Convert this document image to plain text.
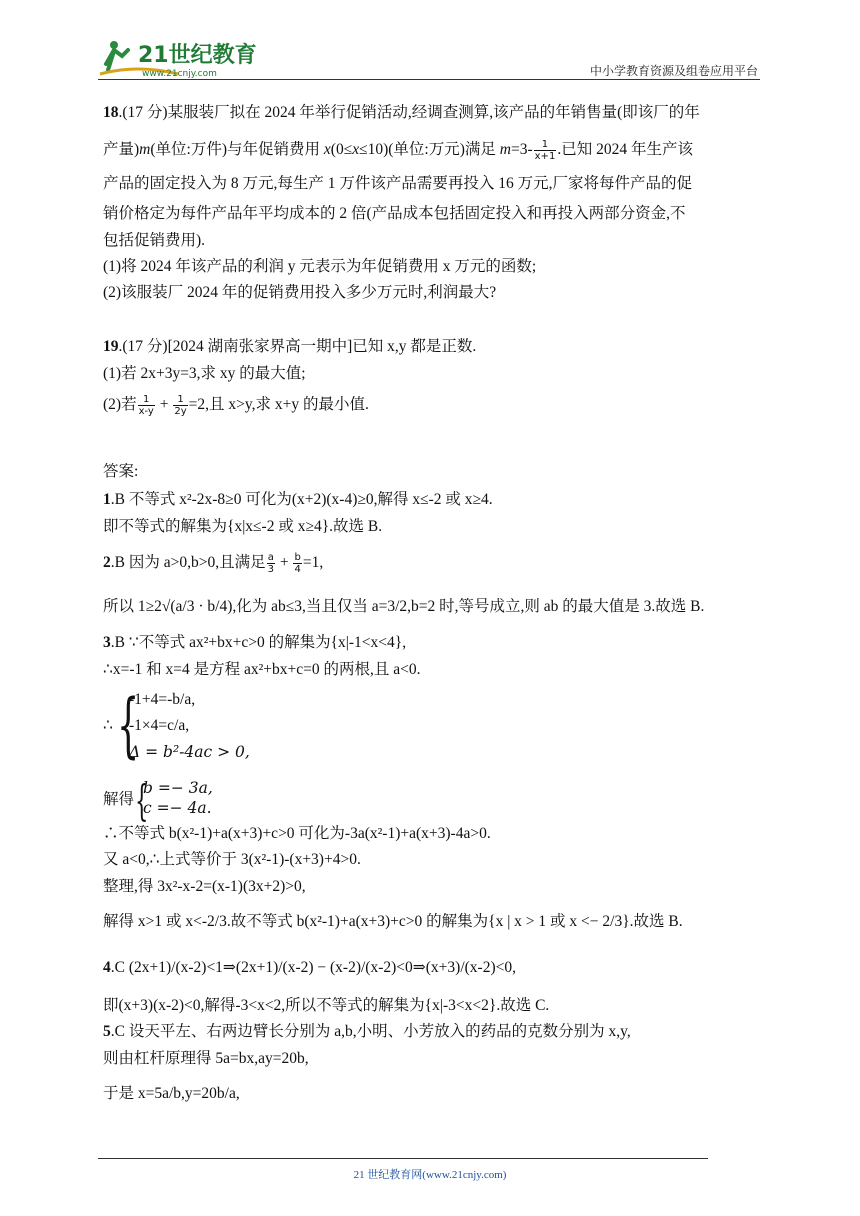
21世纪教育
www.21cnjy.com	中小学教育资源及组卷应用平台
18.(17 分)某服装厂拟在 2024 年举行促销活动,经调查测算,该产品的年销售量(即该厂的年
产量)m(单位:万件)与年促销费用 x(0≤x≤10)(单位:万元)满足 $m=3- \frac{1}{x+1}$ .已知 2024 年生产该
产品的固定投入为 8 万元,每生产 1 万件该产品需要再投入 16 万元,厂家将每件产品的促
销价格定为每件产品年平均成本的 2 倍(产品成本包括固定投入和再投入两部分资金,不
包括促销费用).
(1)将 2024 年该产品的利润 y 元表示为年促销费用 x 万元的函数;
(2)该服装厂 2024 年的促销费用投入多少万元时,利润最大?
19.(17 分)[2024 湖南张家界高一期中]已知 x,y 都是正数.
(1)若 2x+3y=3,求 xy 的最大值;
(2)若 $\frac{1}{x-y} + \frac{1}{2y} =2$,且 x>y,求 x+y 的最小值.
答案:
1.B 不等式 x²-2x-8≥0 可化为(x+2)(x-4)≥0,解得 x≤-2 或 x≥4.
即不等式的解集为{x|x≤-2 或 x≥4}.故选 B.
2.B 因为 a>0,b>0,且满足 $\frac{a}{3} + \frac{b}{4} =1$,
所以 1≥2√(a/3 · b/4),化为 ab≤3,当且仅当 a=3/2,b=2 时,等号成立,则 ab 的最大值是 3.故选 B.
3.B ∵不等式 ax²+bx+c>0 的解集为{x|-1<x<4},
∴x=-1 和 x=4 是方程 ax²+bx+c=0 的两根,且 a<0.
∴ {
-1+4=-b/a,
-1×4=c/a,
Δ = b²-4ac > 0,
解得 {
b =− 3a,
c =− 4a.
∴不等式 b(x²-1)+a(x+3)+c>0 可化为-3a(x²-1)+a(x+3)-4a>0.
又 a<0,∴上式等价于 3(x²-1)-(x+3)+4>0.
整理,得 3x²-x-2=(x-1)(3x+2)>0,
解得 x>1 或 x<-2/3.故不等式 b(x²-1)+a(x+3)+c>0 的解集为{x | x > 1 或 x <− 2/3}.故选 B.
4.C (2x+1)/(x-2)<1⇒(2x+1)/(x-2) − (x-2)/(x-2)<0⇒(x+3)/(x-2)<0,
即(x+3)(x-2)<0,解得-3<x<2,所以不等式的解集为{x|-3<x<2}.故选 C.
5.C 设天平左、右两边臂长分别为 a,b,小明、小芳放入的药品的克数分别为 x,y,
则由杠杆原理得 5a=bx,ay=20b,
于是 x=5a/b,y=20b/a,
21 世纪教育网(www.21cnjy.com)
